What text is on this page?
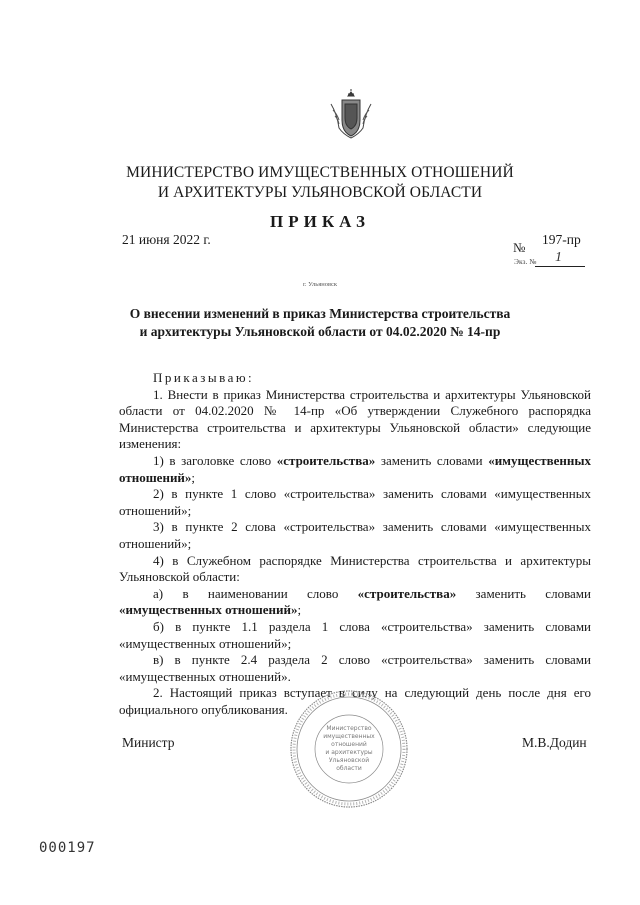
МИНИСТЕРСТВО ИМУЩЕСТВЕННЫХ ОТНОШЕНИЙ
И АРХИТЕКТУРЫ УЛЬЯНОВСКОЙ ОБЛАСТИ
ПРИКАЗ
21 июня 2022 г.
№
197-пр
Экз. № 1
г. Ульяновск
О внесении изменений в приказ Министерства строительства
и архитектуры Ульяновской области от 04.02.2020 № 14-пр

Приказываю:

1. Внести в приказ Министерства строительства и архитектуры Ульяновской

области от 04.02.2020 № 14-пр «Об утверждении Служебного распорядка

Министерства строительства и архитектуры Ульяновской области» следующие

изменения:

1) в заголовке слово «строительства» заменить словами «имущественных

отношений»;

2) в пункте 1 слово «строительства» заменить словами «имущественных

отношений»;

3) в пункте 2 слова «строительства» заменить словами «имущественных

отношений»;

4) в Служебном распорядке Министерства строительства и архитектуры

Ульяновской области:

а) в наименовании слово «строительства» заменить словами

«имущественных отношений»;

б) в пункте 1.1 раздела 1 слова «строительства» заменить словами

«имущественных отношений»;

в) в пункте 2.4 раздела 2 слово «строительства» заменить словами

«имущественных отношений».

2. Настоящий приказ вступает в силу на следующий день после дня его

официального опубликования.

Министр	М.В.Додин
Министерство
имущественных
отношений
и архитектуры
Ульяновской
области
000197
